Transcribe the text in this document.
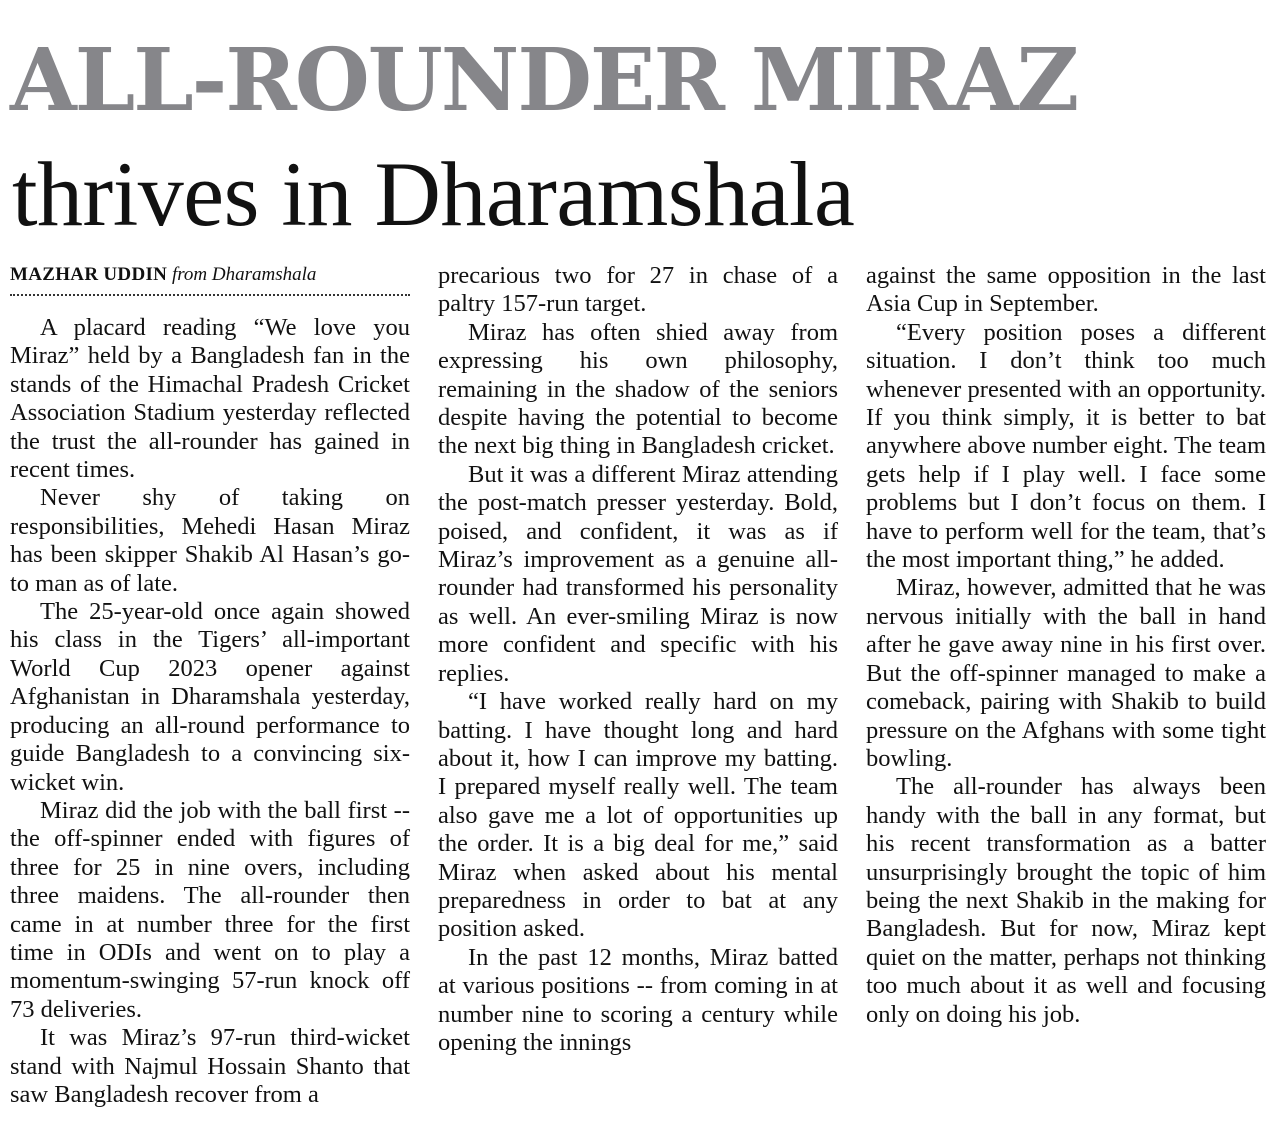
ALL-ROUNDER MIRAZ
thrives in Dharamshala
MAZHAR UDDIN from Dharamshala

A placard reading “We love you Miraz” held by a Bangladesh fan in the stands of the Himachal Pradesh Cricket Association Stadium yesterday reflected the trust the all-rounder has gained in recent times.

Never shy of taking on responsibilities, Mehedi Hasan Miraz has been skipper Shakib Al Hasan’s go-to man as of late.

The 25-year-old once again showed his class in the Tigers’ all-important World Cup 2023 opener against Afghanistan in Dharamshala yesterday, producing an all-round performance to guide Bangladesh to a convincing six-wicket win.

Miraz did the job with the ball first -- the off-spinner ended with figures of three for 25 in nine overs, including three maidens. The all-rounder then came in at number three for the first time in ODIs and went on to play a momentum-swinging 57-run knock off 73 deliveries.

It was Miraz’s 97-run third-wicket stand with Najmul Hossain Shanto that saw Bangladesh recover from a

precarious two for 27 in chase of a paltry 157-run target.

Miraz has often shied away from expressing his own philosophy, remaining in the shadow of the seniors despite having the potential to become the next big thing in Bangladesh cricket.

But it was a different Miraz attending the post-match presser yesterday. Bold, poised, and confident, it was as if Miraz’s improvement as a genuine all-rounder had transformed his personality as well. An ever-smiling Miraz is now more confident and specific with his replies.

“I have worked really hard on my batting. I have thought long and hard about it, how I can improve my batting. I prepared myself really well. The team also gave me a lot of opportunities up the order. It is a big deal for me,” said Miraz when asked about his mental preparedness in order to bat at any position asked.

In the past 12 months, Miraz batted at various positions -- from coming in at number nine to scoring a century while opening the innings

against the same opposition in the last Asia Cup in September.

“Every position poses a different situation. I don’t think too much whenever presented with an opportunity. If you think simply, it is better to bat anywhere above number eight. The team gets help if I play well. I face some problems but I don’t focus on them. I have to perform well for the team, that’s the most important thing,” he added.

Miraz, however, admitted that he was nervous initially with the ball in hand after he gave away nine in his first over. But the off-spinner managed to make a comeback, pairing with Shakib to build pressure on the Afghans with some tight bowling.

The all-rounder has always been handy with the ball in any format, but his recent transformation as a batter unsurprisingly brought the topic of him being the next Shakib in the making for Bangladesh. But for now, Miraz kept quiet on the matter, perhaps not thinking too much about it as well and focusing only on doing his job.
